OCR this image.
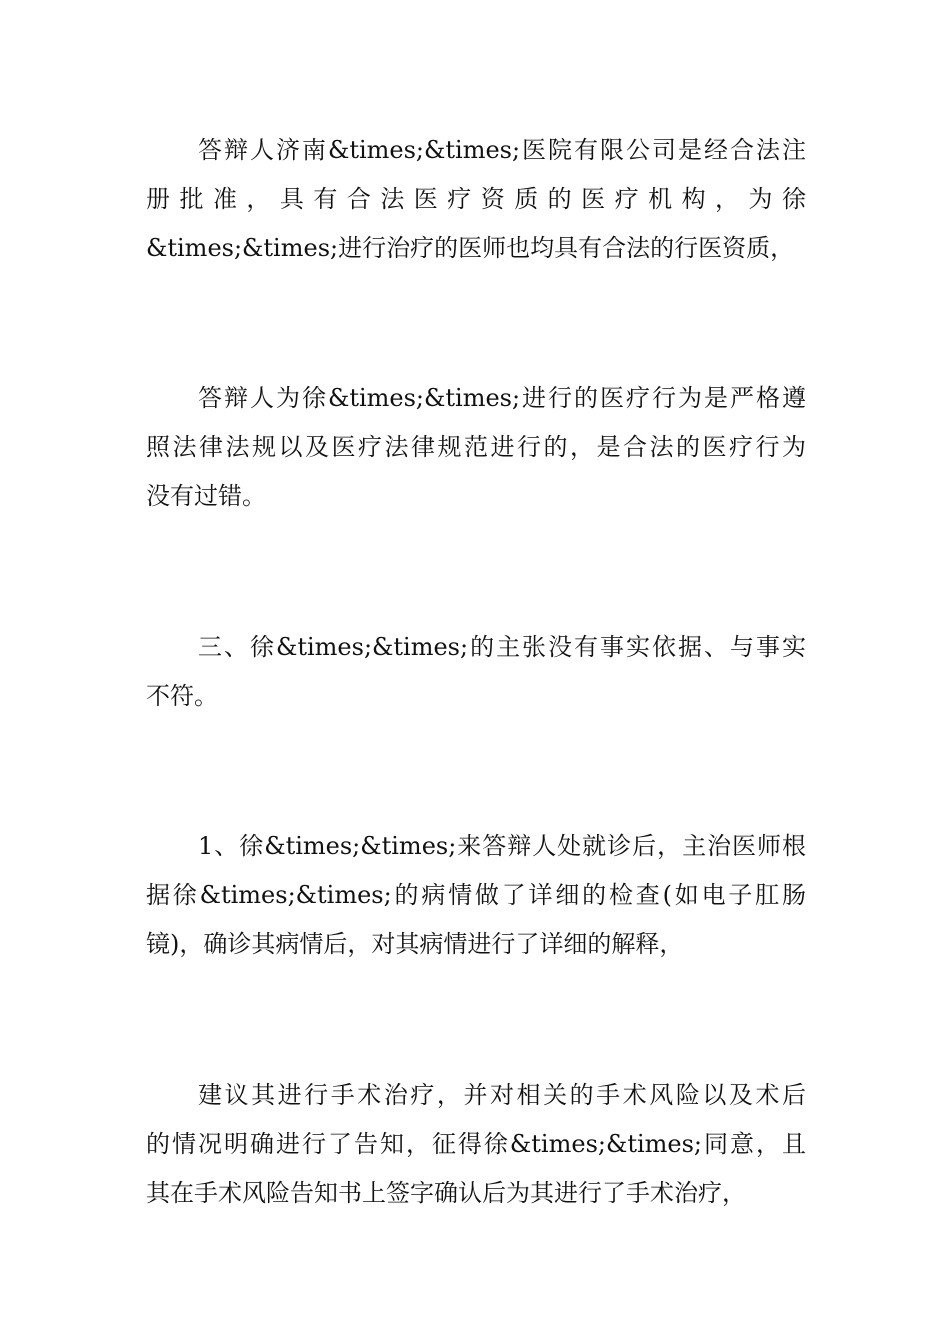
答辩人济南&times;&times;医院有限公司是经合法注
册批准，具有合法医疗资质的医疗机构，为徐
&times;&times;进行治疗的医师也均具有合法的行医资质，
答辩人为徐&times;&times;进行的医疗行为是严格遵
照法律法规以及医疗法律规范进行的，是合法的医疗行为
没有过错。
三、徐&times;&times;的主张没有事实依据、与事实
不符。
1、徐&times;&times;来答辩人处就诊后，主治医师根
据徐&times;&times;的病情做了详细的检查(如电子肛肠
镜)，确诊其病情后，对其病情进行了详细的解释，
建议其进行手术治疗，并对相关的手术风险以及术后
的情况明确进行了告知，征得徐&times;&times;同意，且
其在手术风险告知书上签字确认后为其进行了手术治疗，
